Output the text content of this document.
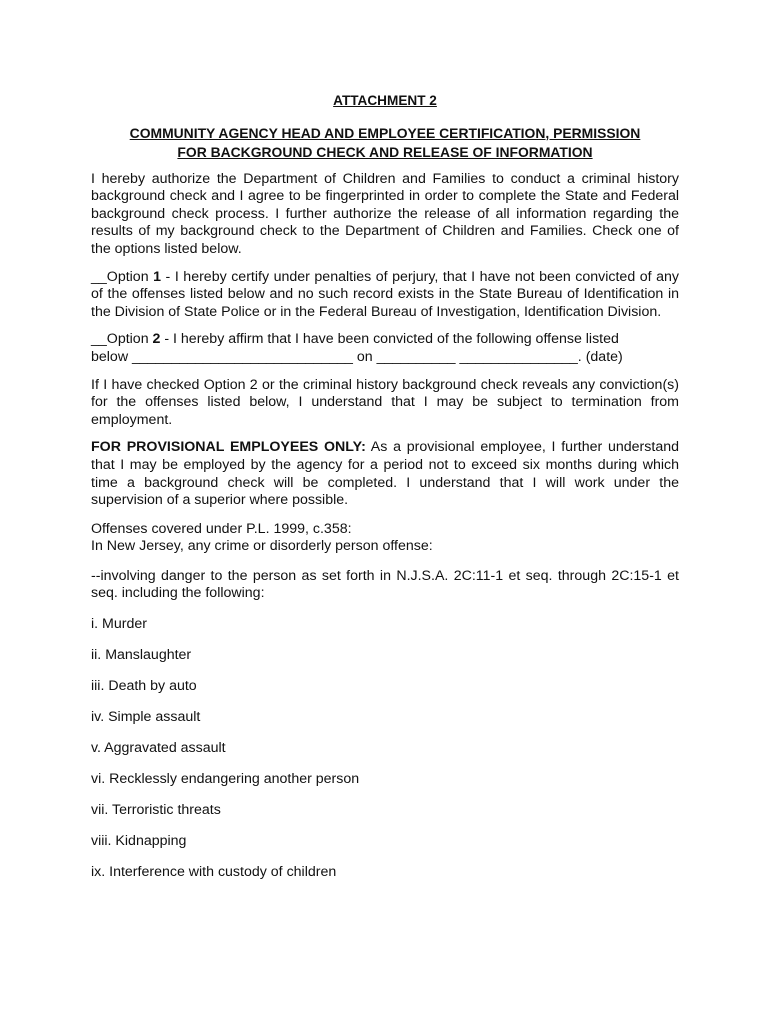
ATTACHMENT 2
COMMUNITY AGENCY HEAD AND EMPLOYEE CERTIFICATION, PERMISSION
FOR BACKGROUND CHECK AND RELEASE OF INFORMATION
I hereby authorize the Department of Children and Families to conduct a criminal history background check and I agree to be fingerprinted in order to complete the State and Federal background check process. I further authorize the release of all information regarding the results of my background check to the Department of Children and Families. Check one of the options listed below.
__Option 1 - I hereby certify under penalties of perjury, that I have not been convicted of any of the offenses listed below and no such record exists in the State Bureau of Identification in the Division of State Police or in the Federal Bureau of Investigation, Identification Division.
__Option 2 - I hereby affirm that I have been convicted of the following offense listed
below ____________________________ on __________ _______________. (date)
If I have checked Option 2 or the criminal history background check reveals any conviction(s) for the offenses listed below, I understand that I may be subject to termination from employment.
FOR PROVISIONAL EMPLOYEES ONLY: As a provisional employee, I further understand that I may be employed by the agency for a period not to exceed six months during which time a background check will be completed. I understand that I will work under the supervision of a superior where possible.
Offenses covered under P.L. 1999, c.358:
In New Jersey, any crime or disorderly person offense:
--involving danger to the person as set forth in N.J.S.A. 2C:11-1 et seq. through 2C:15-1 et seq. including the following:
i. Murder
ii. Manslaughter
iii. Death by auto
iv. Simple assault
v. Aggravated assault
vi. Recklessly endangering another person
vii. Terroristic threats
viii. Kidnapping
ix. Interference with custody of children
